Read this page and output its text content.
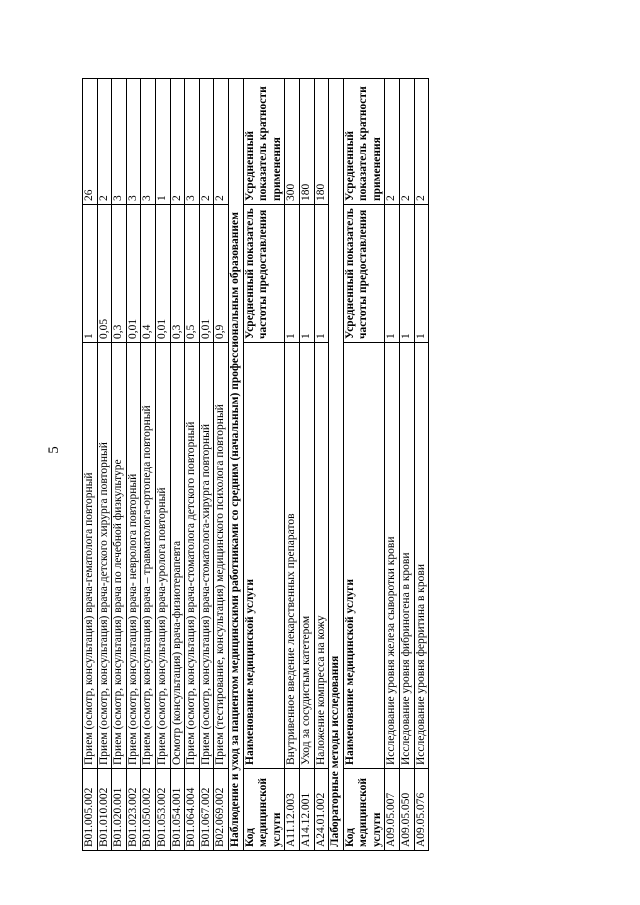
5
B01.005.002	Прием (осмотр, консультация) врача-гематолога повторный	1	26
B01.010.002	Прием (осмотр, консультация) врача-детского хирурга повторный	0,05	2
B01.020.001	Прием (осмотр, консультация) врача по лечебной физкультуре	0,3	3
B01.023.002	Прием (осмотр, консультация) врача- невролога повторный	0,01	3
B01.050.002	Прием (осмотр, консультация) врача – травматолога-ортопеда повторный	0,4	3
B01.053.002	Прием (осмотр, консультация) врача-уролога повторный	0,01	1
B01.054.001	Осмотр (консультация) врача-физиотерапевта	0,3	2
B01.064.004	Прием (осмотр, консультация) врача-стоматолога детского повторный	0,5	3
B01.067.002	Прием (осмотр, консультация) врача-стоматолога-хирурга повторный	0,01	2
B02.069.002	Прием (тестирование, консультация) медицинского психолога повторный	0,9	2
Наблюдение и уход за пациентом медицинскими работниками со средним (начальным) профессиональным образованием			
Код медицинской услуги	Наименование медицинской услуги	Усредненный показатель частоты предоставления	Усредненный показатель кратности применения
A11.12.003	Внутривенное введение лекарственных препаратов	1	300
A14.12.001	Уход за сосудистым катетером	1	180
A24.01.002	Наложение компресса на кожу	1	180
Лабораторные методы исследования			
Код медицинской услуги	Наименование медицинской услуги	Усредненный показатель частоты предоставления	Усредненный показатель кратности применения
A09.05.007	Исследование уровня железа сыворотки крови	1	2
A09.05.050	Исследование уровня фибриногена в крови	1	2
A09.05.076	Исследование уровня ферритина в крови	1	2
